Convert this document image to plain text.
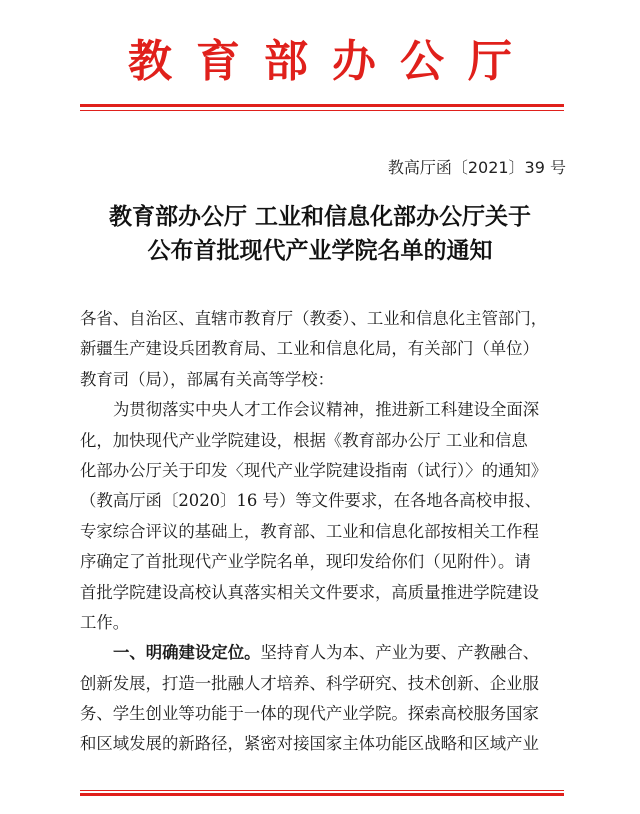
教育部办公厅
教高厅函〔2021〕39 号
教育部办公厅 工业和信息化部办公厅关于
公布首批现代产业学院名单的通知
各省、自治区、直辖市教育厅（教委）、工业和信息化主管部门，
新疆生产建设兵团教育局、工业和信息化局，有关部门（单位）
教育司（局），部属有关高等学校：
为贯彻落实中央人才工作会议精神，推进新工科建设全面深
化，加快现代产业学院建设，根据《教育部办公厅 工业和信息
化部办公厅关于印发〈现代产业学院建设指南（试行）〉的通知》
（教高厅函〔2020〕16 号）等文件要求，在各地各高校申报、
专家综合评议的基础上，教育部、工业和信息化部按相关工作程
序确定了首批现代产业学院名单，现印发给你们（见附件）。请
首批学院建设高校认真落实相关文件要求，高质量推进学院建设
工作。
一、明确建设定位。坚持育人为本、产业为要、产教融合、
创新发展，打造一批融人才培养、科学研究、技术创新、企业服
务、学生创业等功能于一体的现代产业学院。探索高校服务国家
和区域发展的新路径，紧密对接国家主体功能区战略和区域产业
